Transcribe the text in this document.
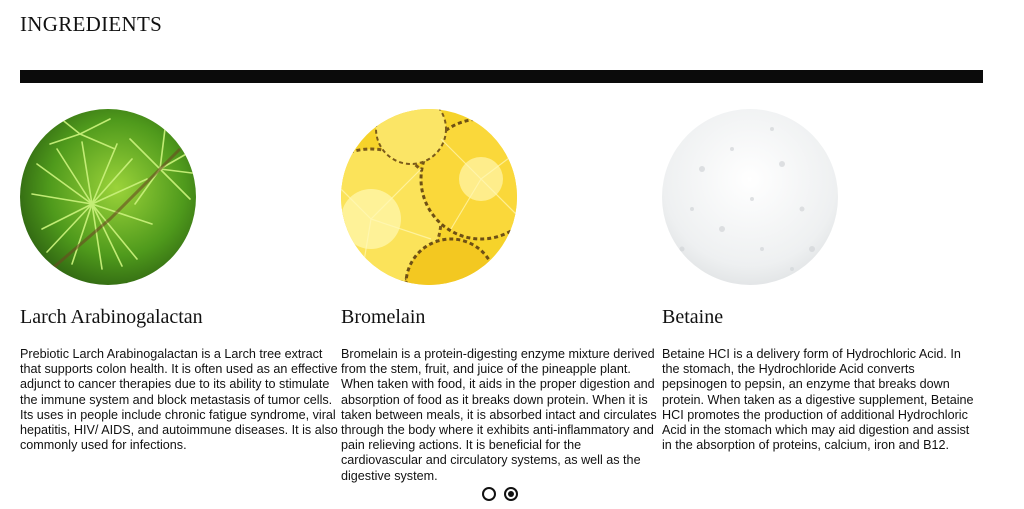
INGREDIENTS
Larch Arabinogalactan

Prebiotic Larch Arabinogalactan is a Larch tree extract that supports colon health. It is often used as an effective adjunct to cancer therapies due to its ability to stimulate the immune system and block metastasis of tumor cells. Its uses in people include chronic fatigue syndrome, viral hepatitis, HIV/ AIDS, and autoimmune diseases. It is also commonly used for infections.

Bromelain

Bromelain is a protein-digesting enzyme mixture derived from the stem, fruit, and juice of the pineapple plant. When taken with food, it aids in the proper digestion and absorption of food as it breaks down protein. When it is taken between meals, it is absorbed intact and circulates through the body where it exhibits anti-inflammatory and pain relieving actions. It is beneficial for the cardiovascular and circulatory systems, as well as the digestive system.

Betaine

Betaine HCI is a delivery form of Hydrochloric Acid. In the stomach, the Hydrochloride Acid converts pepsinogen to pepsin, an enzyme that breaks down protein. When taken as a digestive supplement, Betaine HCI promotes the production of additional Hydrochloric Acid in the stomach which may aid digestion and assist in the absorption of proteins, calcium, iron and B12.
